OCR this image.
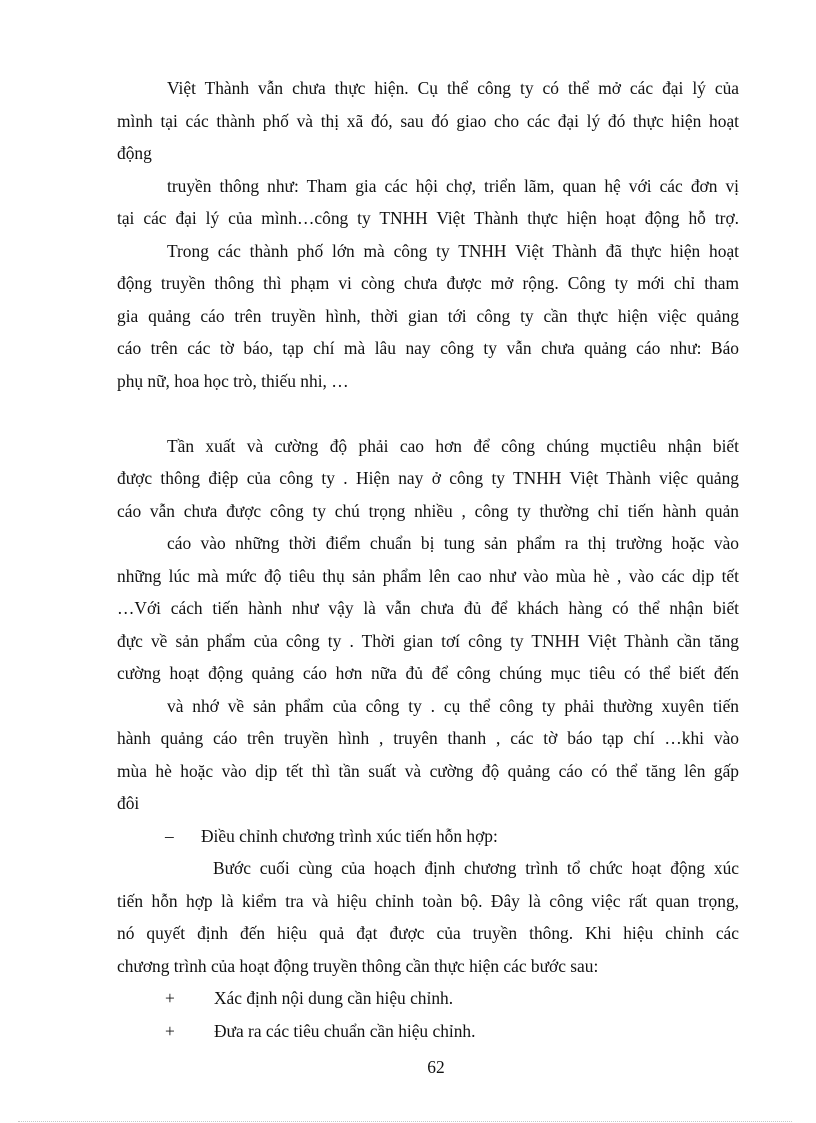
Việt Thành vẫn chưa thực hiện. Cụ thể công ty có thể mở các đại lý của
mình tại các thành phố và thị xã đó, sau đó giao cho các đại lý đó thực hiện hoạt
động
truyền thông như: Tham gia các hội chợ, triển lãm, quan hệ với các đơn vị
tại các đại lý của mình…công ty TNHH Việt Thành thực hiện hoạt động hỗ trợ.
Trong các thành phố lớn mà công ty TNHH Việt Thành đã thực hiện hoạt
động truyền thông thì phạm vi còng chưa được mở rộng. Công ty mới chỉ tham
gia quảng cáo trên truyền hình, thời gian tới công ty cần thực hiện việc quảng
cáo trên các tờ báo, tạp chí mà lâu nay công ty vẫn chưa quảng cáo như: Báo
phụ nữ, hoa học trò, thiếu nhi, …
Tần xuất và cường độ phải cao hơn để công chúng mụctiêu nhận biết
được thông điệp của công ty . Hiện nay ở công ty TNHH Việt Thành việc quảng
cáo vẫn chưa được công ty chú trọng nhiều , công ty thường chỉ tiến hành quản
cáo vào những thời điểm chuẩn bị tung sản phẩm ra thị trường hoặc vào
những lúc mà mức độ tiêu thụ sản phẩm lên cao như vào mùa hè , vào các dịp tết
…Với cách tiến hành như vậy là vẫn chưa đủ để khách hàng có thể nhận biết
đực về sản phẩm của công ty . Thời gian tơí công ty TNHH Việt Thành cần tăng
cường hoạt động quảng cáo hơn nữa đủ để công chúng mục tiêu có thể biết đến
và nhớ về sản phẩm của công ty . cụ thể công ty phải thường xuyên tiến
hành quảng cáo trên truyền hình , truyên thanh , các tờ báo tạp chí …khi vào
mùa hè hoặc vào dịp tết thì tần suất và cường độ quảng cáo có thể tăng lên gấp
đôi
– Điều chỉnh chương trình xúc tiến hỗn hợp:
Bước cuối cùng của hoạch định chương trình tổ chức hoạt động xúc
tiến hỗn hợp là kiểm tra và hiệu chỉnh toàn bộ. Đây là công việc rất quan trọng,
nó quyết định đến hiệu quả đạt được của truyền thông. Khi hiệu chỉnh các
chương trình của hoạt động truyền thông cần thực hiện các bước sau:
+ Xác định nội dung cần hiệu chỉnh.
+ Đưa ra các tiêu chuẩn cần hiệu chỉnh.
62
